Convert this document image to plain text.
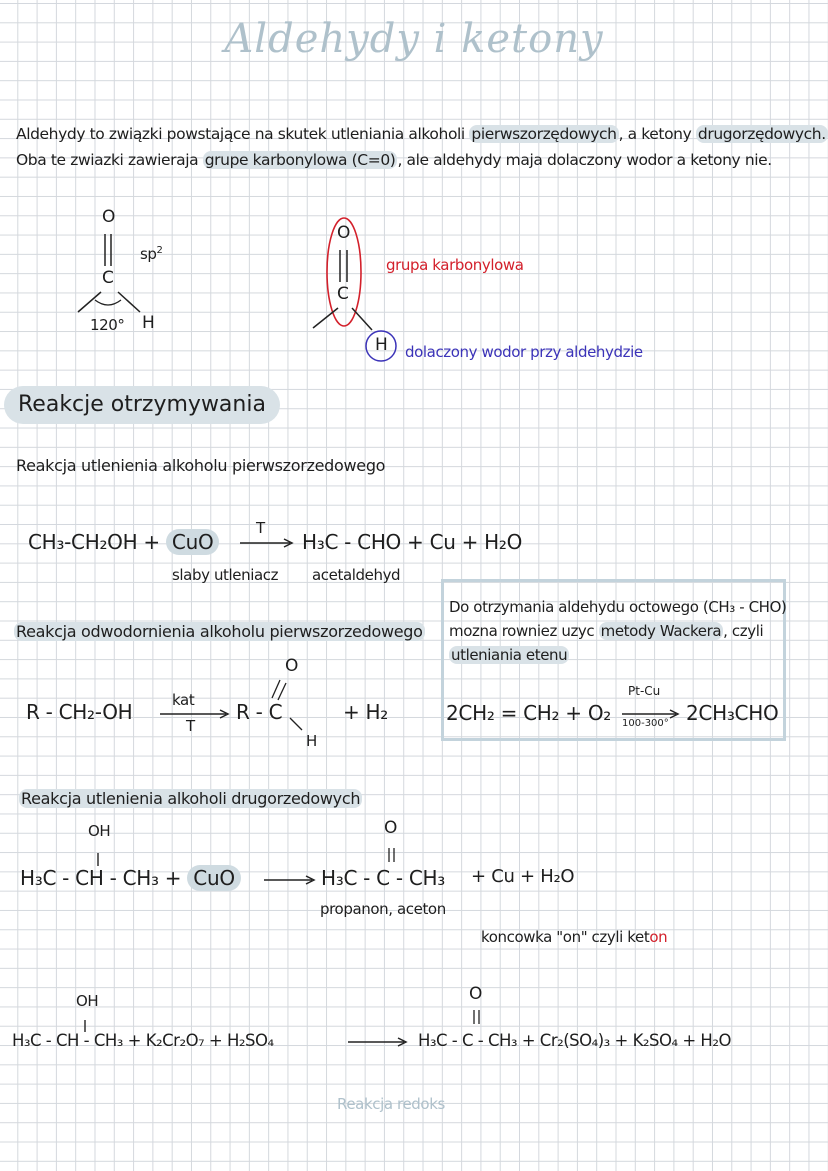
Aldehydy i ketony
Aldehydy to związki powstające na skutek utleniania alkoholi pierwszorzędowych , a ketony drugorzędowych.
Oba te zwiazki zawieraja grupe karbonylowa (C=0) , ale aldehydy maja dolaczony wodor a ketony nie.
O
C
H
$sp^2$
120°
O
C
H
grupa karbonylowa
dolaczony wodor przy aldehydzie
Reakcje otrzymywania
Reakcja utlenienia alkoholu pierwszorzedowego
CH₃-CH₂OH + CuO
T
H₃C - CHO + Cu + H₂O
slaby utleniacz acetaldehyd
Reakcja odwodornienia alkoholu pierwszorzedowego
R - CH₂-OH	kat
T
R - C
O
H
+ H₂
Do otrzymania aldehydu octowego (CH₃ - CHO)
mozna rowniez uzyc metody Wackera , czyli
utleniania etenu
2CH₂ = CH₂ + O₂
Pt-Cu
100-300° 2CH₃CHO
Reakcja utlenienia alkoholi drugorzedowych
OH
H₃C - CH - CH₃ + CuO
O
H₃C - C - CH₃ + Cu + H₂O
propanon, aceton
koncowka "on" czyli keton
OH
H₃C - CH - CH₃ + K₂Cr₂O₇ + H₂SO₄
O
H₃C - C - CH₃ + Cr₂(SO₄)₃ + K₂SO₄ + H₂O
Reakcja redoks
